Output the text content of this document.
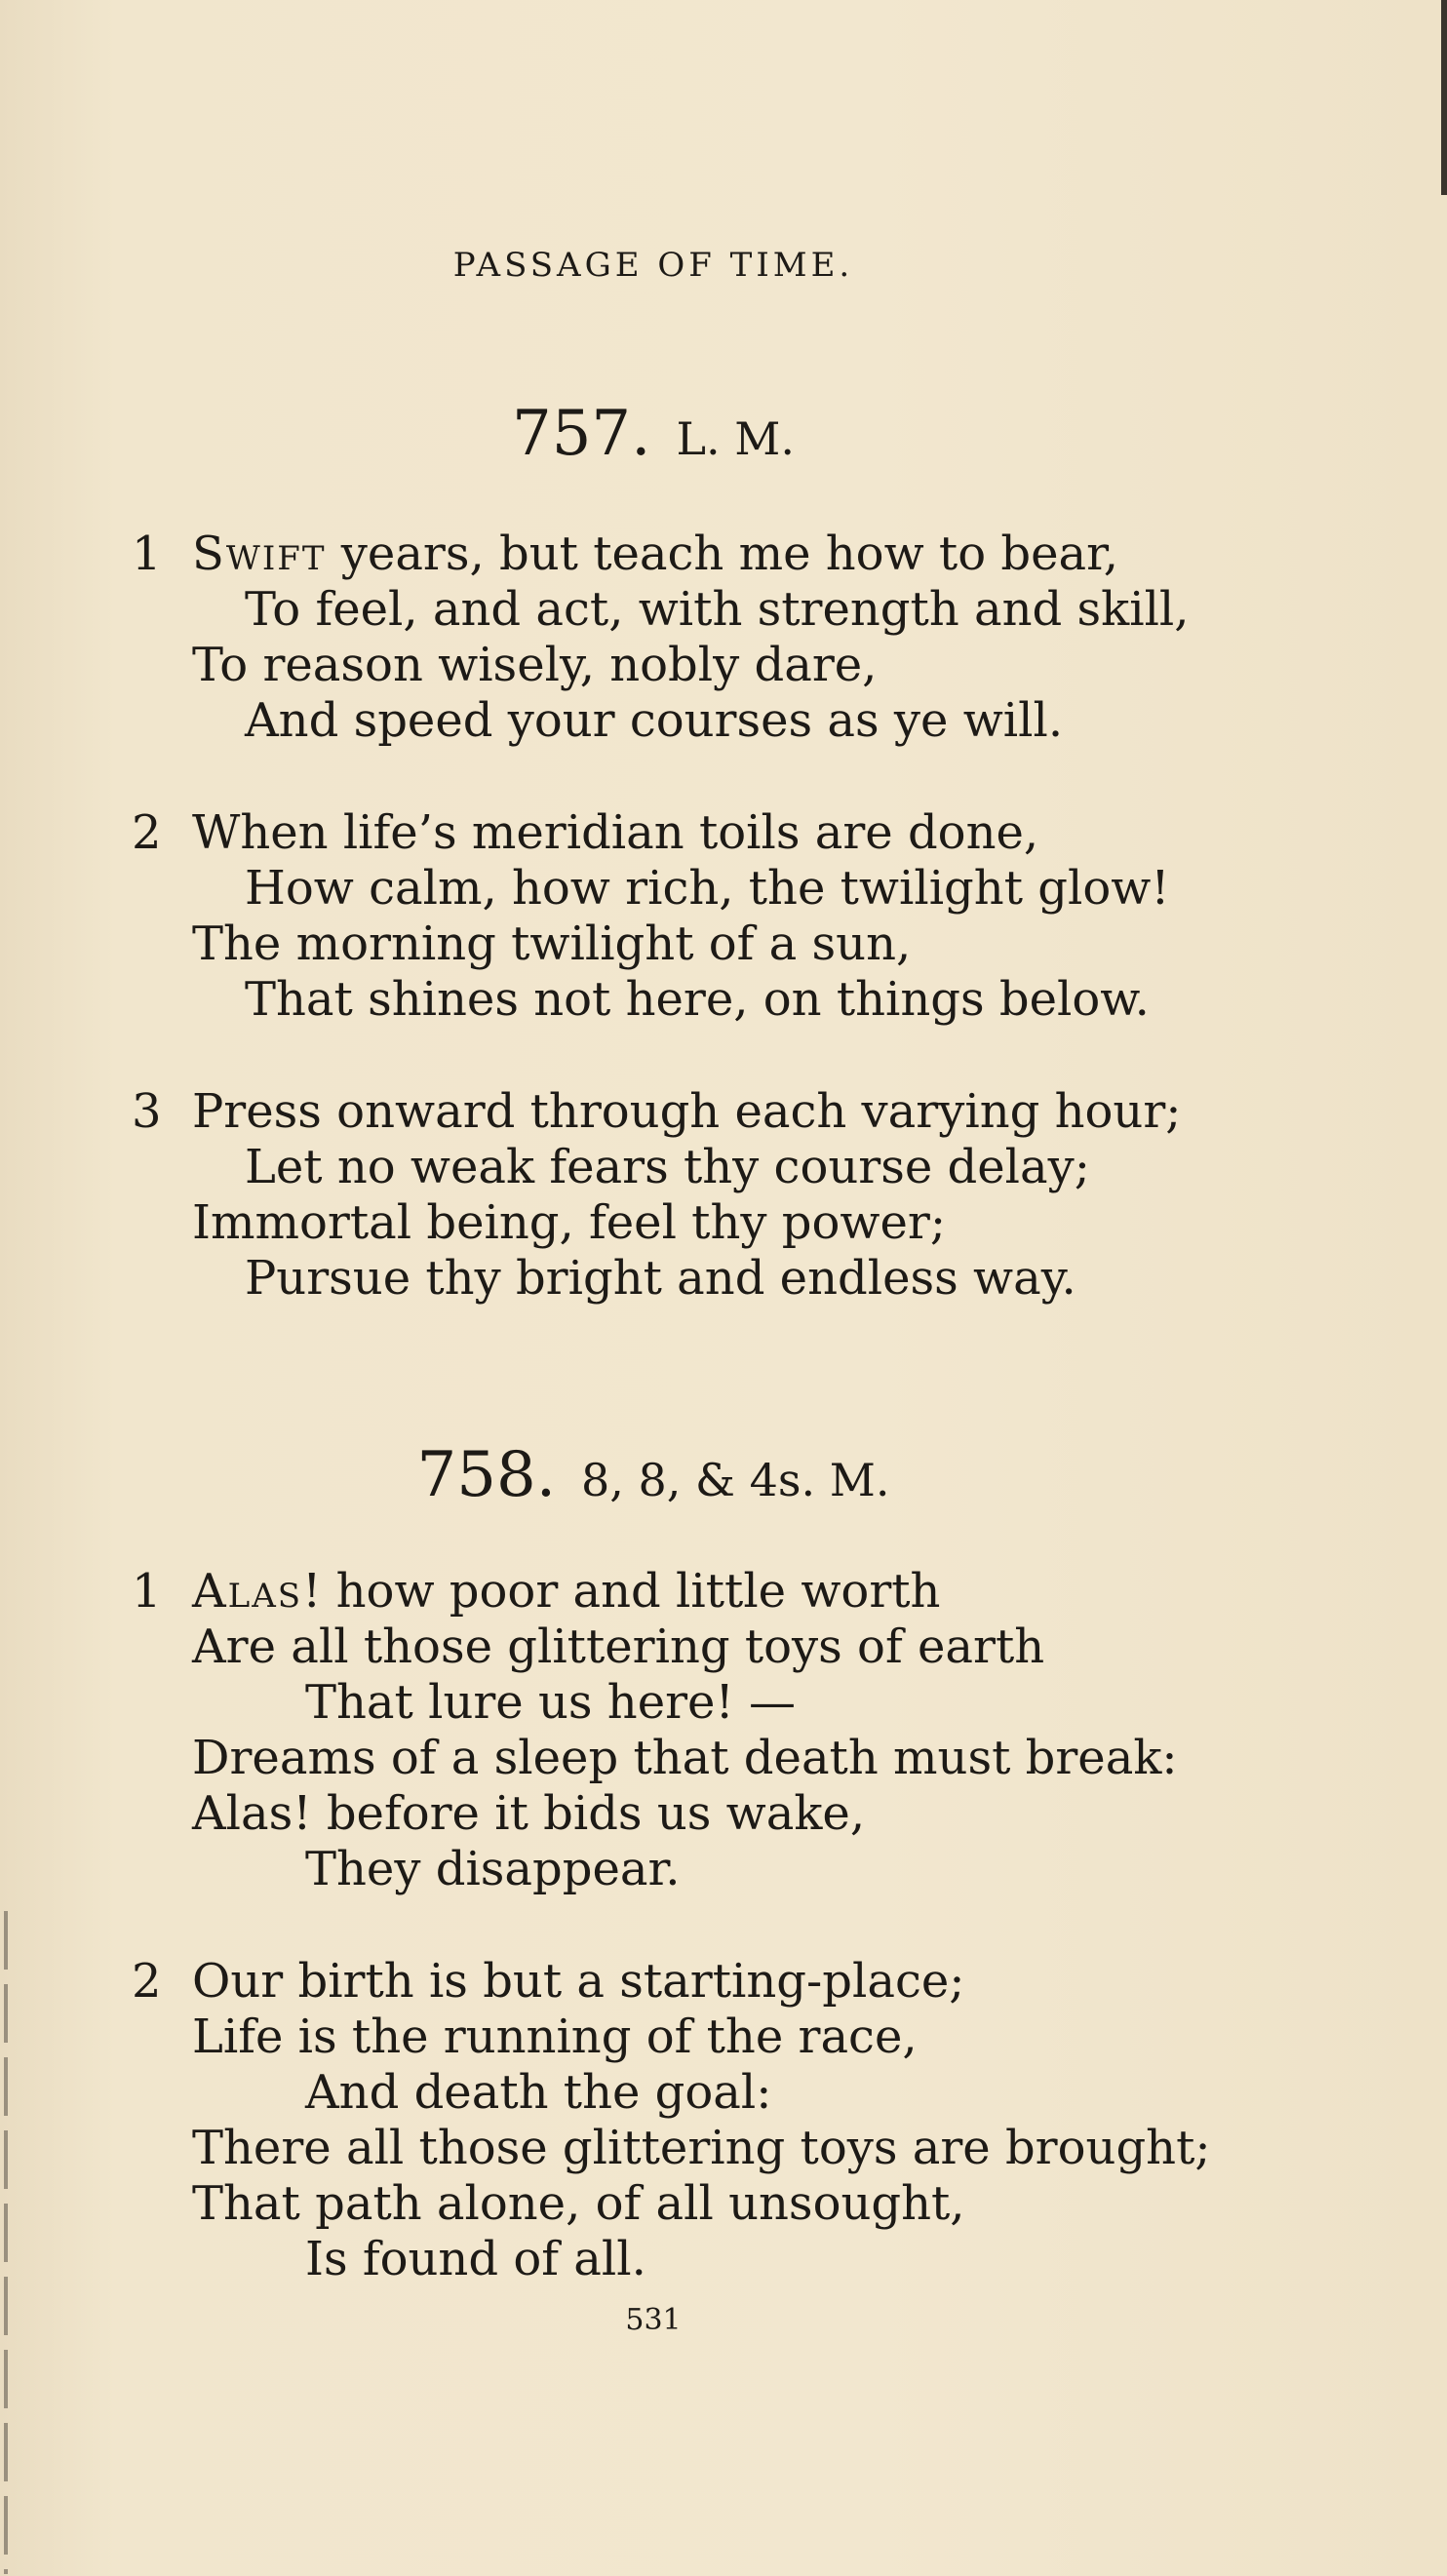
PASSAGE OF TIME.
757. L. M.
1 Swift years, but teach me how to bear,
To feel, and act, with strength and skill,
To reason wisely, nobly dare,
And speed your courses as ye will.
2 When life’s meridian toils are done,
How calm, how rich, the twilight glow!
The morning twilight of a sun,
That shines not here, on things below.
3 Press onward through each varying hour;
Let no weak fears thy course delay;
Immortal being, feel thy power;
Pursue thy bright and endless way.
758. 8, 8, & 4s. M.
1 Alas! how poor and little worth
Are all those glittering toys of earth
That lure us here! —
Dreams of a sleep that death must break:
Alas! before it bids us wake,
They disappear.
2 Our birth is but a starting-place;
Life is the running of the race,
And death the goal:
There all those glittering toys are brought;
That path alone, of all unsought,
Is found of all.
531
